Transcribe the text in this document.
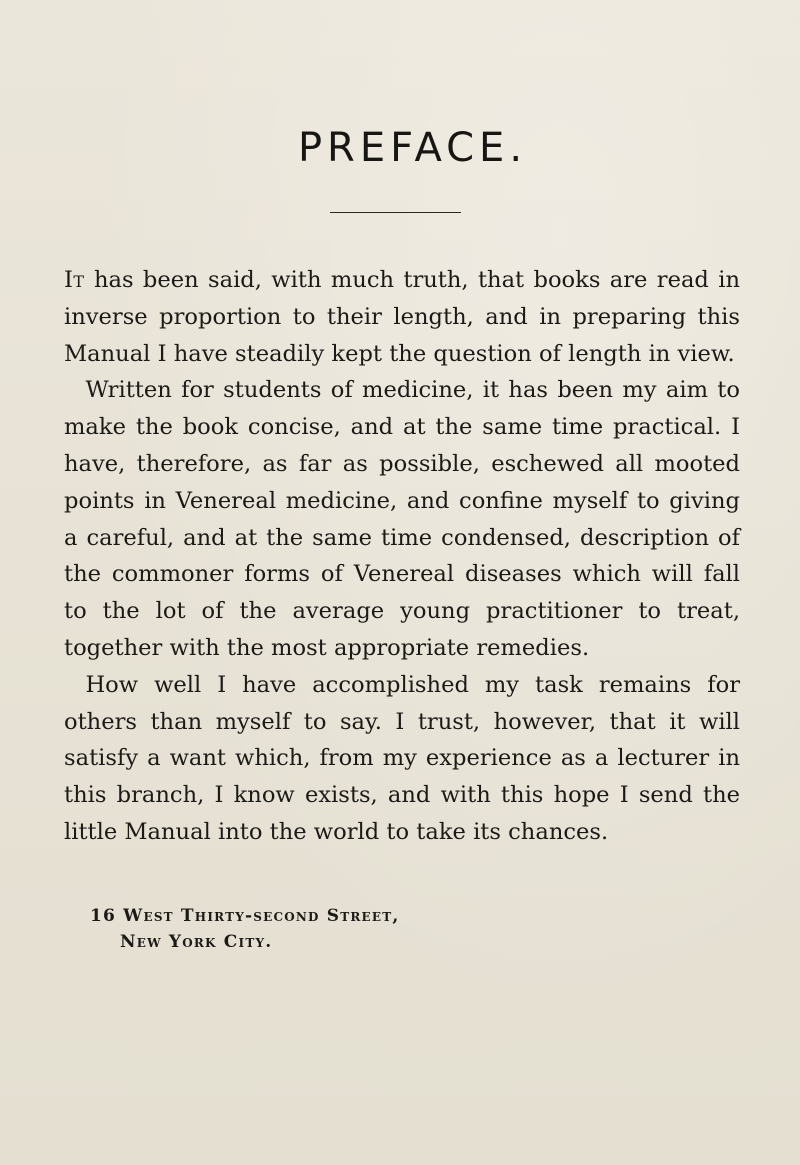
PREFACE.

It has been said, with much truth, that books are read in inverse proportion to their length, and in preparing this Manual I have steadily kept the question of length in view.

Written for students of medicine, it has been my aim to make the book concise, and at the same time practical. I have, therefore, as far as possible, eschewed all mooted points in Venereal medicine, and confine myself to giving a careful, and at the same time condensed, description of the commoner forms of Venereal diseases which will fall to the lot of the average young practitioner to treat, together with the most appropriate remedies.

How well I have accomplished my task remains for others than myself to say. I trust, however, that it will satisfy a want which, from my experience as a lecturer in this branch, I know exists, and with this hope I send the little Manual into the world to take its chances.

16 West Thirty-second Street,
New York City.
